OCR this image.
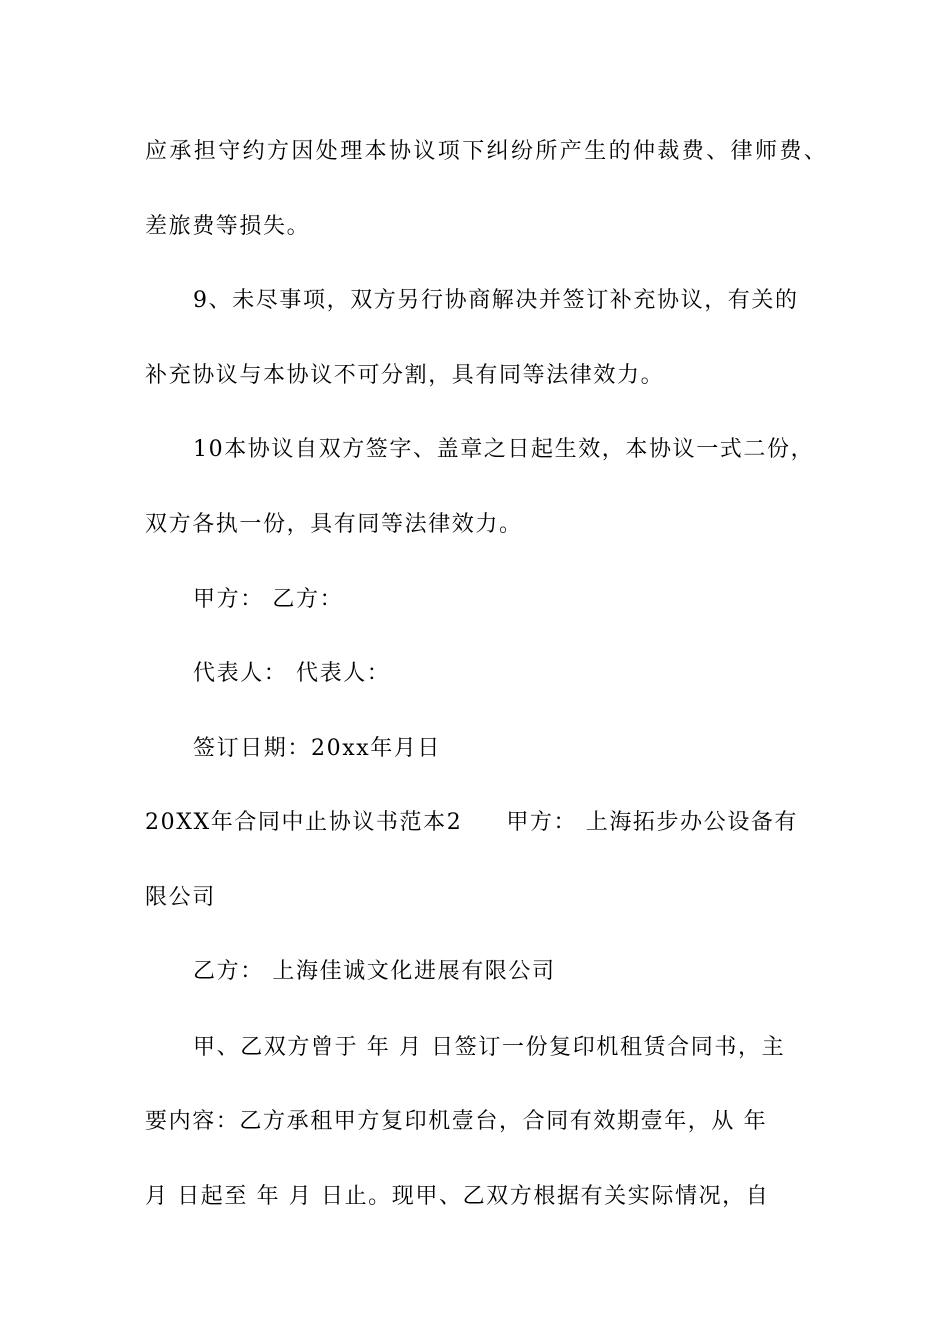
应承担守约方因处理本协议项下纠纷所产生的仲裁费、律师费、
差旅费等损失。
9、未尽事项，双方另行协商解决并签订补充协议，有关的
补充协议与本协议不可分割，具有同等法律效力。
10本协议自双方签字、盖章之日起生效，本协议一式二份，
双方各执一份，具有同等法律效力。
甲方： 乙方：
代表人： 代表人：
签订日期：20xx年月日
20XX年合同中止协议书范本2 甲方： 上海拓步办公设备有
限公司
乙方： 上海佳诚文化进展有限公司
甲、乙双方曾于 年 月 日签订一份复印机租赁合同书，主
要内容：乙方承租甲方复印机壹台，合同有效期壹年，从 年
月 日起至 年 月 日止。现甲、乙双方根据有关实际情况，自
